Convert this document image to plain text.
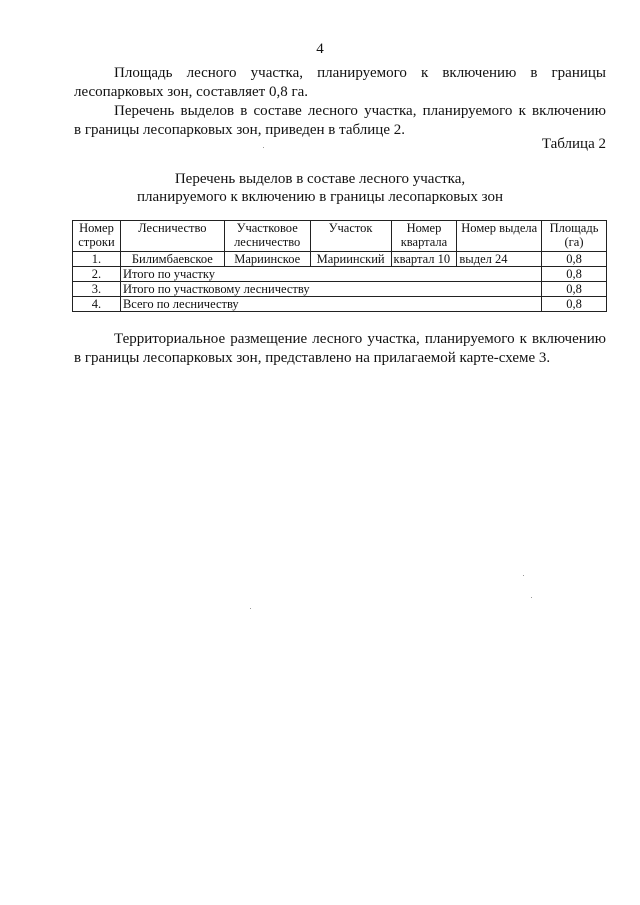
4
Площадь лесного участка, планируемого к включению в границы
лесопарковых зон, составляет 0,8 га.
Перечень выделов в составе лесного участка, планируемого к включению
в границы лесопарковых зон, приведен в таблице 2.
Таблица 2
Перечень выделов в составе лесного участка,
планируемого к включению в границы лесопарковых зон
Номер строки	Лесничество	Участковое лесничество	Участок	Номер квартала	Номер выдела	Площадь (га)
1.	Билимбаевское	Мариинское	Мариинский	квартал 10	выдел 24	0,8
2.	Итого по участку					0,8
3.	Итого по участковому лесничеству					0,8
4.	Всего по лесничеству					0,8
Территориальное размещение лесного участка, планируемого к включению
в границы лесопарковых зон, представлено на прилагаемой карте-схеме 3.
